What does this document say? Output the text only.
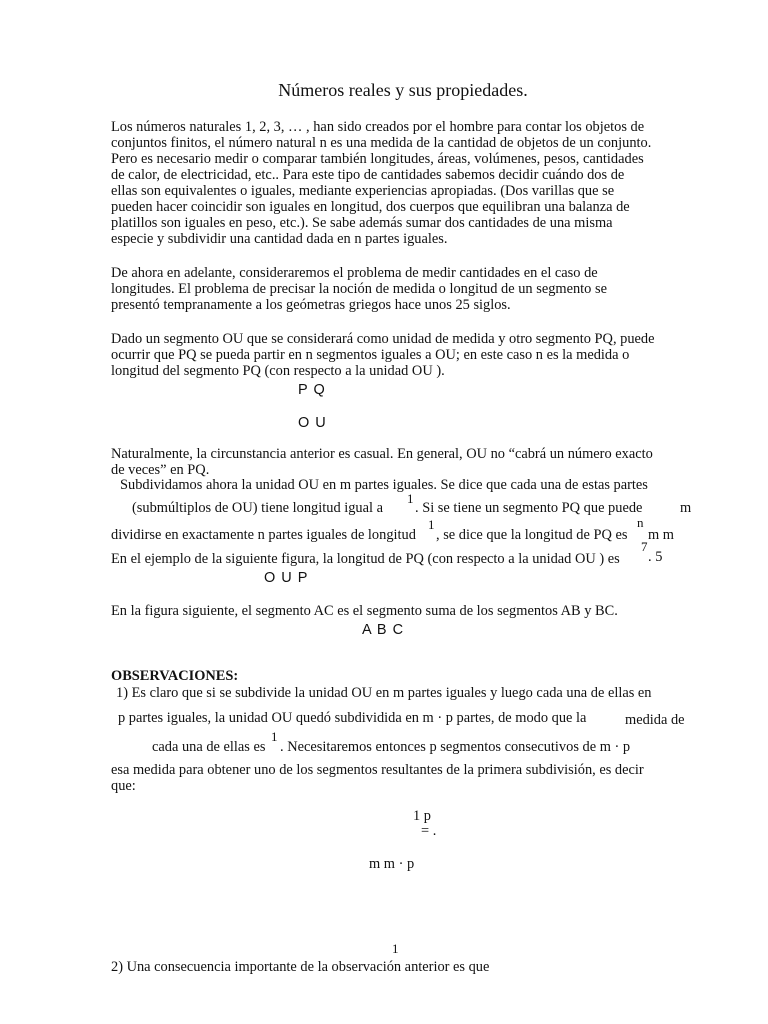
Números reales y sus propiedades.
Los números naturales 1, 2, 3, … , han sido creados por el hombre para contar los objetos de
conjuntos finitos, el número natural n es una medida de la cantidad de objetos de un conjunto.
Pero es necesario medir o comparar también longitudes, áreas, volúmenes, pesos, cantidades
de calor, de electricidad, etc.. Para este tipo de cantidades sabemos decidir cuándo dos de
ellas son equivalentes o iguales, mediante experiencias apropiadas. (Dos varillas que se
pueden hacer coincidir son iguales en longitud, dos cuerpos que equilibran una balanza de
platillos son iguales en peso, etc.). Se sabe además sumar dos cantidades de una misma
especie y subdividir una cantidad dada en n partes iguales.
De ahora en adelante, consideraremos el problema de medir cantidades en el caso de
longitudes. El problema de precisar la noción de medida o longitud de un segmento se
presentó tempranamente a los geómetras griegos hace unos 25 siglos.
Dado un segmento OU que se considerará como unidad de medida y otro segmento PQ, puede
ocurrir que PQ se pueda partir en n segmentos iguales a OU; en este caso n es la medida o
longitud del segmento PQ (con respecto a la unidad OU ).
P Q
O U
Naturalmente, la circunstancia anterior es casual. En general, OU no “cabrá un número exacto
de veces” en PQ.
Subdividamos ahora la unidad OU en m partes iguales. Se dice que cada una de estas partes
(submúltiplos de OU) tiene longitud igual a
1
. Si se tiene un segmento PQ que puede	m
dividirse en exactamente n partes iguales de longitud
1
, se dice que la longitud de PQ es
n
m m
En el ejemplo de la siguiente figura, la longitud de PQ (con respecto a la unidad OU ) es
7
. 5
O U P
En la figura siguiente, el segmento AC es el segmento suma de los segmentos AB y BC.
A B C
OBSERVACIONES:
1) Es claro que si se subdivide la unidad OU en m partes iguales y luego cada una de ellas en
p partes iguales, la unidad OU quedó subdividida en m · p partes, de modo que la	medida de
1
cada una de ellas es . Necesitaremos entonces p segmentos consecutivos de m · p
esa medida para obtener uno de los segmentos resultantes de la primera subdivisión, es decir
que:
1 p
= .
m m · p
1
2) Una consecuencia importante de la observación anterior es que
